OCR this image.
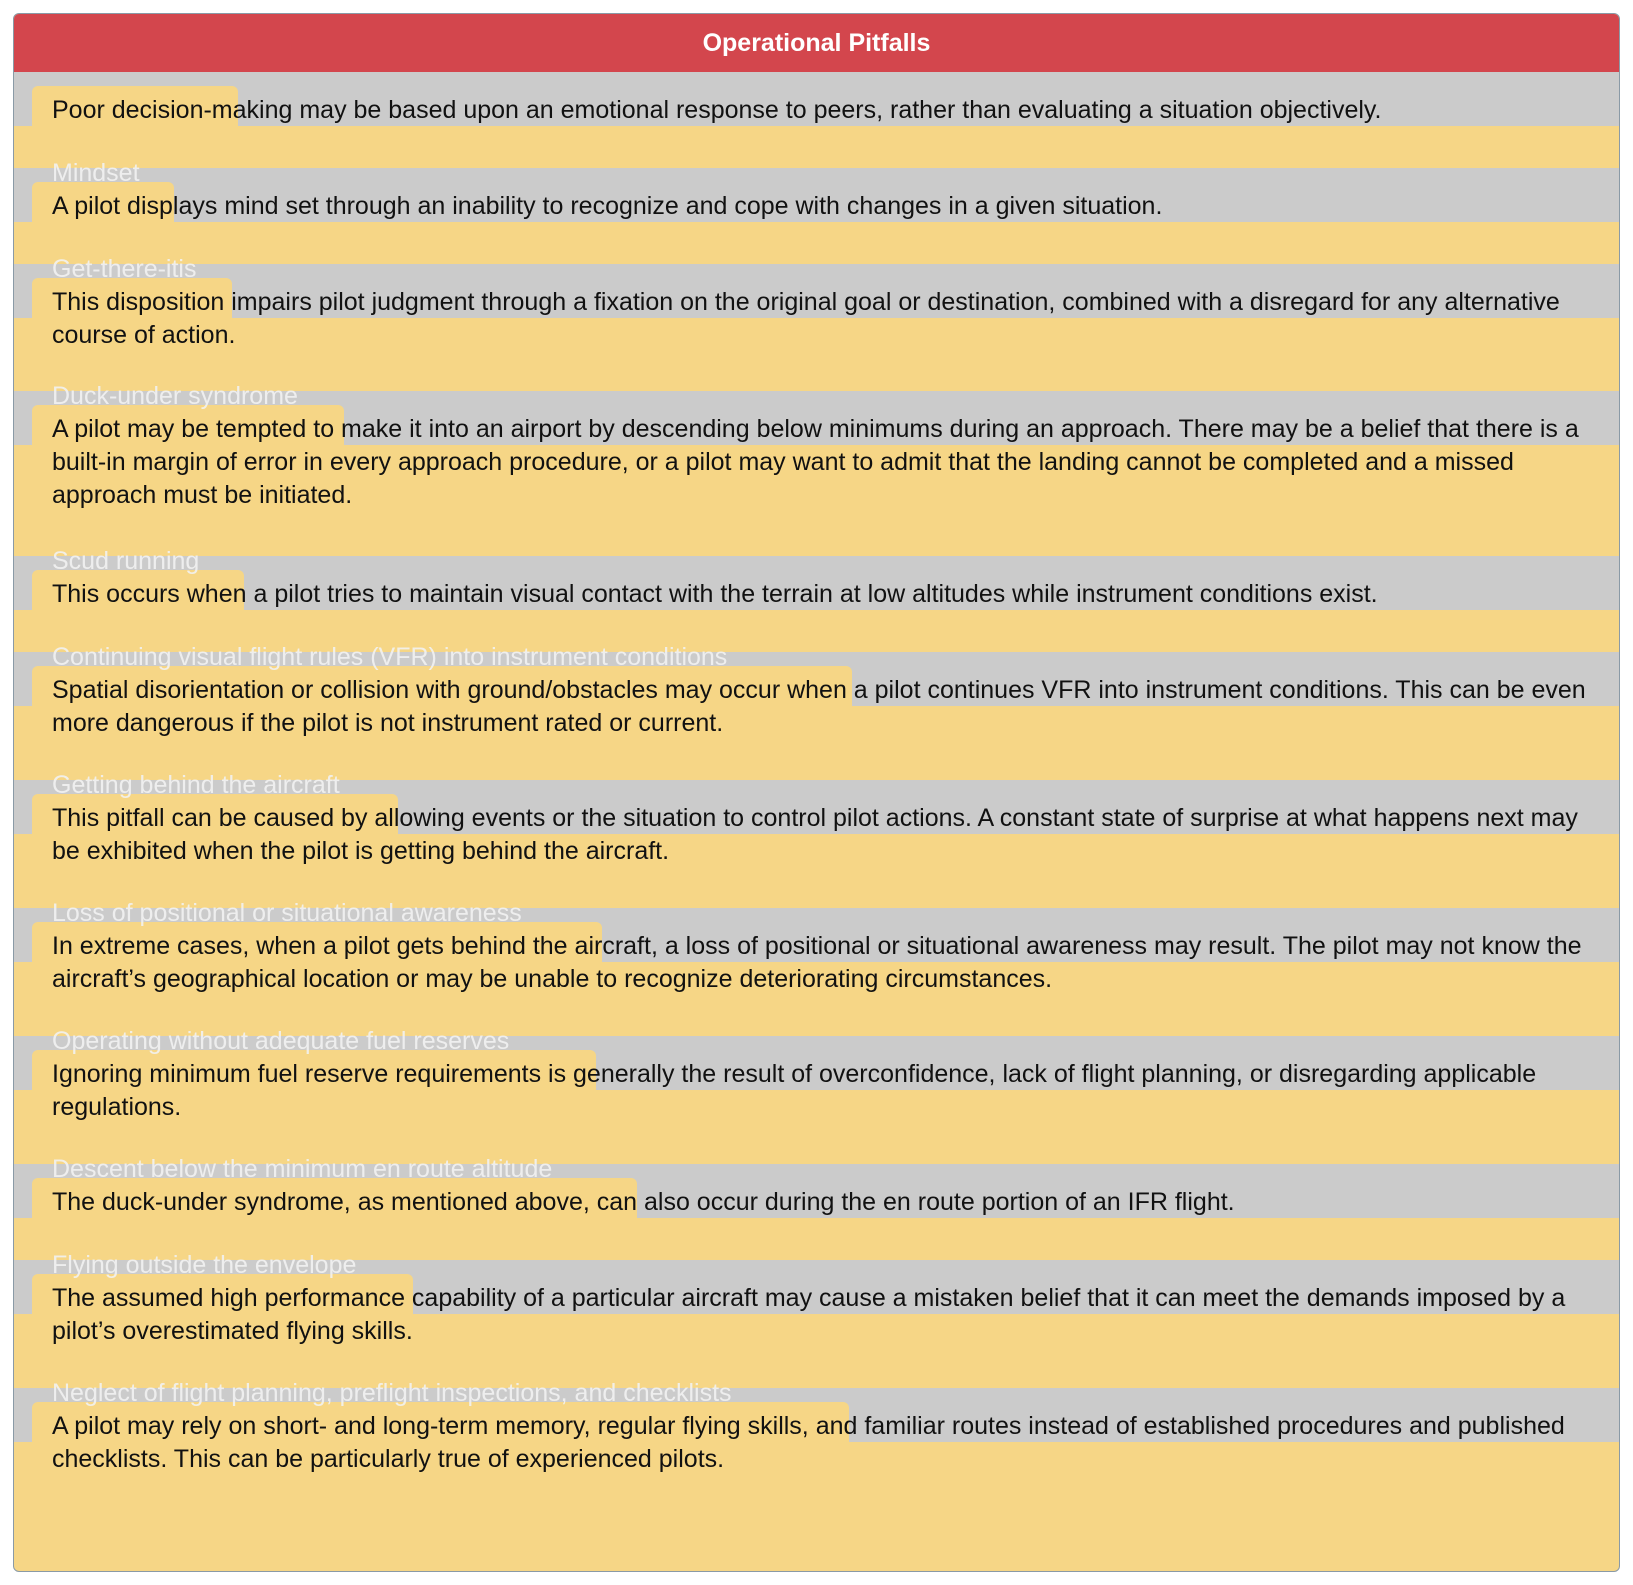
Operational Pitfalls
Poor decision-making may be based upon an emotional response to peers, rather than evaluating a situation objectively.
Mindset
A pilot displays mind set through an inability to recognize and cope with changes in a given situation.
Get-there-itis
This disposition impairs pilot judgment through a fixation on the original goal or destination, combined with a disregard for any alternative course of action.
Duck-under syndrome
A pilot may be tempted to make it into an airport by descending below minimums during an approach. There may be a belief that there is a built-in margin of error in every approach procedure, or a pilot may want to admit that the landing cannot be completed and a missed approach must be initiated.
Scud running
This occurs when a pilot tries to maintain visual contact with the terrain at low altitudes while instrument conditions exist.
Continuing visual flight rules (VFR) into instrument conditions
Spatial disorientation or collision with ground/obstacles may occur when a pilot continues VFR into instrument conditions. This can be even more dangerous if the pilot is not instrument rated or current.
Getting behind the aircraft
This pitfall can be caused by allowing events or the situation to control pilot actions. A constant state of surprise at what happens next may be exhibited when the pilot is getting behind the aircraft.
Loss of positional or situational awareness
In extreme cases, when a pilot gets behind the aircraft, a loss of positional or situational awareness may result. The pilot may not know the aircraft’s geographical location or may be unable to recognize deteriorating circumstances.
Operating without adequate fuel reserves
Ignoring minimum fuel reserve requirements is generally the result of overconfidence, lack of flight planning, or disregarding applicable regulations.
Descent below the minimum en route altitude
The duck-under syndrome, as mentioned above, can also occur during the en route portion of an IFR flight.
Flying outside the envelope
The assumed high performance capability of a particular aircraft may cause a mistaken belief that it can meet the demands imposed by a pilot’s overestimated flying skills.
Neglect of flight planning, preflight inspections, and checklists
A pilot may rely on short- and long-term memory, regular flying skills, and familiar routes instead of established procedures and published checklists. This can be particularly true of experienced pilots.
